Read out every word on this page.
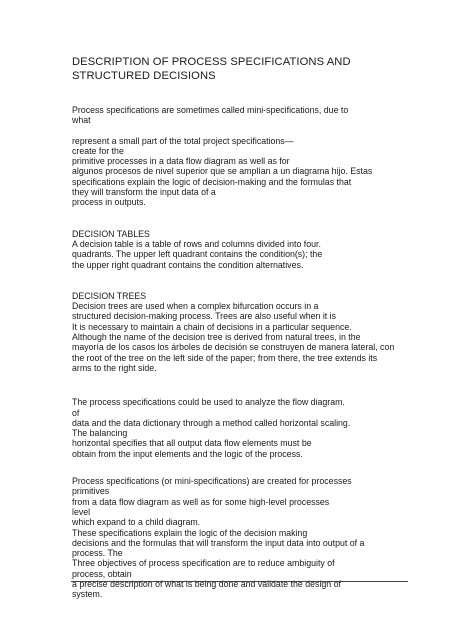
DESCRIPTION OF PROCESS SPECIFICATIONS AND
STRUCTURED DECISIONS
Process specifications are sometimes called mini-specifications, due to
what
represent a small part of the total project specifications—
create for the
primitive processes in a data flow diagram as well as for
algunos procesos de nivel superior que se amplían a un diagrama hijo. Estas
specifications explain the logic of decision-making and the formulas that
they will transform the input data of a
process in outputs.
DECISION TABLES
A decision table is a table of rows and columns divided into four.
quadrants. The upper left quadrant contains the condition(s); the
the upper right quadrant contains the condition alternatives.
DECISION TREES
Decision trees are used when a complex bifurcation occurs in a
structured decision-making process. Trees are also useful when it is
It is necessary to maintain a chain of decisions in a particular sequence.
Although the name of the decision tree is derived from natural trees, in the
mayoría de los casos los árboles de decisión se construyen de manera lateral, con
the root of the tree on the left side of the paper; from there, the tree extends its
arms to the right side.
The process specifications could be used to analyze the flow diagram.
of
data and the data dictionary through a method called horizontal scaling.
The balancing
horizontal specifies that all output data flow elements must be
obtain from the input elements and the logic of the process.
Process specifications (or mini-specifications) are created for processes
primitives
from a data flow diagram as well as for some high-level processes
level
which expand to a child diagram.
These specifications explain the logic of the decision making
decisions and the formulas that will transform the input data into output of a
process. The
Three objectives of process specification are to reduce ambiguity of
process, obtain
a precise description of what is being done and validate the design of
system.
